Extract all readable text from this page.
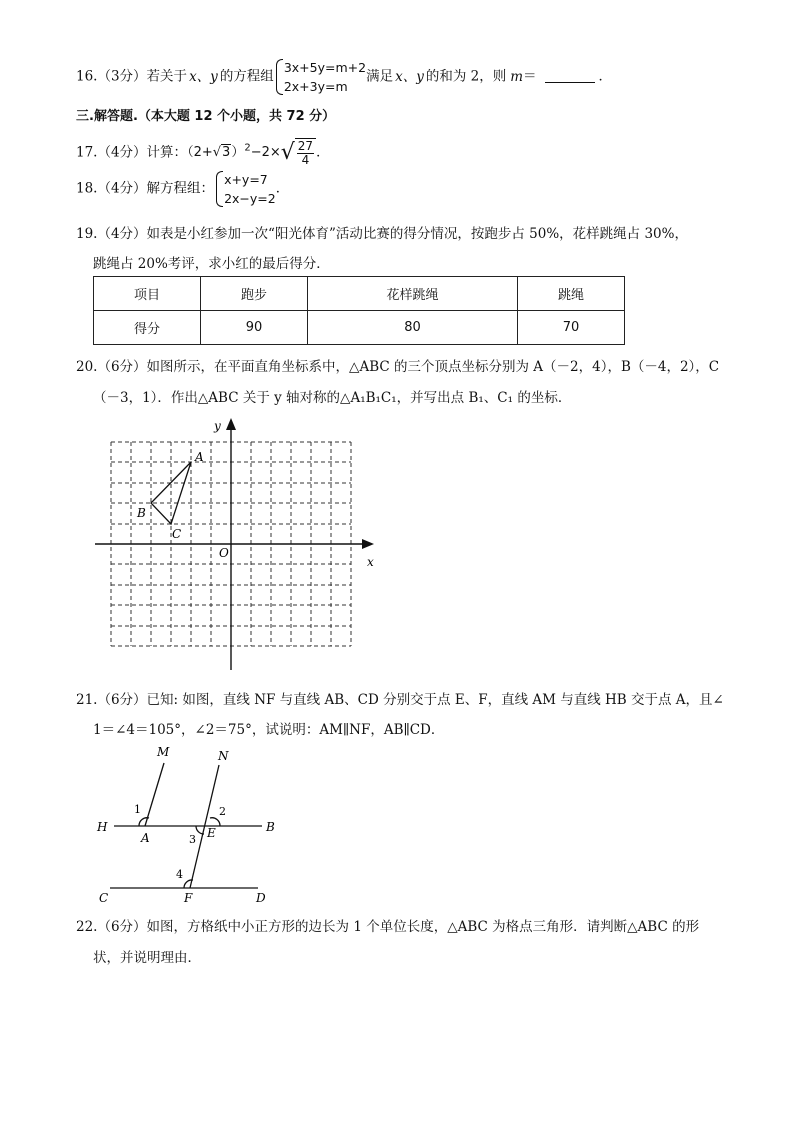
16.（3分）若关于 x、y 的方程组
3x+5y=m+2
2x+3y=m
满足 x、y 的和为 2，则 m＝	．
三.解答题.（本大题 12 个小题，共 72 分）
17.（4分）计算：$(2+√3)^2-2\times$ √ $\frac{27}{4}$ ．
18.（4分）解方程组：
x+y=7
2x−y=2
．
19.（4分）如表是小红参加一次“阳光体育”活动比赛的得分情况，按跑步占 50%，花样跳绳占 30%，
跳绳占 20%考评，求小红的最后得分．
项目	跑步	花样跳绳	跳绳
得分	90	80	70
20.（6分）如图所示，在平面直角坐标系中，△ABC 的三个顶点坐标分别为 A（－2，4），B（－4，2），C
（－3，1）．作出△ABC 关于 y 轴对称的△A₁B₁C₁，并写出点 B₁、C₁ 的坐标．
y
x
O
A
B
C
21.（6分）已知: 如图，直线 NF 与直线 AB、CD 分别交于点 E、F，直线 AM 与直线 HB 交于点 A，且∠
1＝∠4＝105°，∠2＝75°，试说明：AM∥NF，AB∥CD．
M	N
H
A	E	B
C	F	D
1	2
3
4
22.（6分）如图，方格纸中小正方形的边长为 1 个单位长度，△ABC 为格点三角形．请判断△ABC 的形
状，并说明理由．
